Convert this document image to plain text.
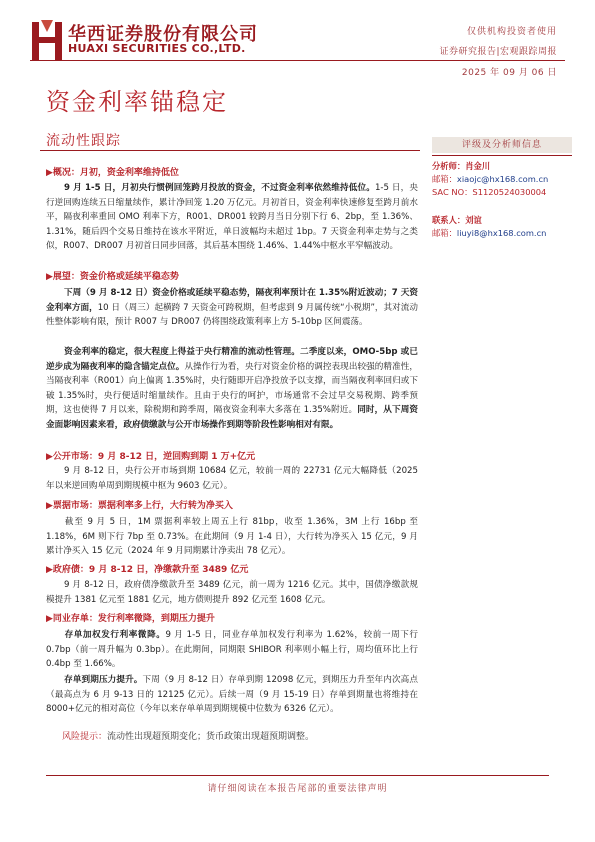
华西证券股份有限公司
HUAXI SECURITIES CO.,LTD.
仅供机构投资者使用
证券研究报告|宏观跟踪周报
2025 年 09 月 06 日
资金利率锚稳定
流动性跟踪	评级及分析师信息
分析师：肖金川
邮箱：xiaojc@hx168.com.cn
SAC NO：S1120524030004
联系人：刘谊
邮箱：liuyi8@hx168.com.cn
▶概况：月初，资金利率维持低位
9 月 1-5 日，月初央行惯例回笼跨月投放的资金，不过资金利率依然维持低位。1-5 日，央行逆回购连续五日缩量续作，累计净回笼 1.20 万亿元。月初首日，资金利率快速修复至跨月前水平，隔夜利率重回 OMO 利率下方，R001、DR001 较跨月当日分别下行 6、2bp，至 1.36%、1.31%，随后四个交易日维持在该水平附近，单日波幅均未超过 1bp。7 天资金利率走势与之类似，R007、DR007 月初首日同步回落，其后基本围绕 1.46%、1.44%中枢水平窄幅波动。
▶展望：资金价格或延续平稳态势
下周（9 月 8-12 日）资金价格或延续平稳态势，隔夜利率预计在 1.35%附近波动；7 天资金利率方面，10 日（周三）起横跨 7 天资金可跨税期，但考虑到 9 月属传统“小税期”，其对流动性整体影响有限，预计 R007 与 DR007 仍将围绕政策利率上方 5-10bp 区间震荡。
资金利率的稳定，很大程度上得益于央行精准的流动性管理。二季度以来，OMO-5bp 或已逆步成为隔夜利率的隐含锚定点位。从操作行为看，央行对资金价格的调控表现出较强的精准性，当隔夜利率（R001）向上偏离 1.35%时，央行随即开启净投放予以支撑，而当隔夜利率回归或下破 1.35%时，央行便适时缩量续作。且由于央行的呵护，市场通常不会过早交易税期、跨季预期，这也使得 7 月以来，除税期和跨季周，隔夜资金利率大多落在 1.35%附近。同时，从下周资金面影响因素来看，政府债缴款与公开市场操作到期等阶段性影响相对有限。
▶公开市场：9 月 8-12 日，逆回购到期 1 万+亿元
9 月 8-12 日，央行公开市场到期 10684 亿元，较前一周的 22731 亿元大幅降低（2025 年以来逆回购单周到期规模中枢为 9603 亿元）。
▶票据市场：票据利率多上行，大行转为净买入
截至 9 月 5 日，1M 票据利率较上周五上行 81bp，收至 1.36%，3M 上行 16bp 至 1.18%，6M 则下行 7bp 至 0.73%。在此期间（9 月 1-4 日），大行转为净买入 15 亿元，9 月累计净买入 15 亿元（2024 年 9 月同期累计净卖出 78 亿元）。
▶政府债：9 月 8-12 日，净缴款升至 3489 亿元
9 月 8-12 日，政府债净缴款升至 3489 亿元，前一周为 1216 亿元。其中，国债净缴款规模提升 1381 亿元至 1881 亿元，地方债则提升 892 亿元至 1608 亿元。
▶同业存单：发行利率微降，到期压力提升
存单加权发行利率微降。9 月 1-5 日，同业存单加权发行利率为 1.62%，较前一周下行 0.7bp（前一周升幅为 0.3bp）。在此期间，同期限 SHIBOR 利率则小幅上行，周均值环比上行 0.4bp 至 1.66%。
存单到期压力提升。下周（9 月 8-12 日）存单到期 12098 亿元，到期压力升至年内次高点（最高点为 6 月 9-13 日的 12125 亿元）。后续一周（9 月 15-19 日）存单到期量也将维持在 8000+亿元的相对高位（今年以来存单单周到期规模中位数为 6326 亿元）。
风险提示：流动性出现超预期变化；货币政策出现超预期调整。
请仔细阅读在本报告尾部的重要法律声明
